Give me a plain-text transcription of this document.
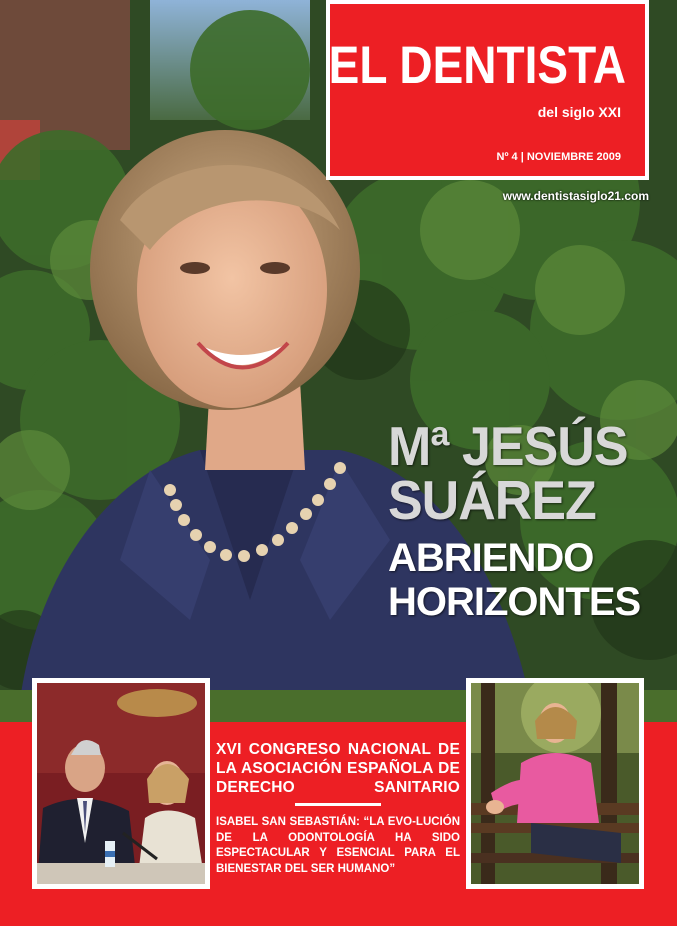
EL DENTISTA
del siglo XXI
Nº 4 | NOVIEMBRE 2009
www.dentistasiglo21.com
Mª JESÚS
SUÁREZ
ABRIENDO
HORIZONTES
XVI CONGRESO NACIONAL DE LA ASOCIACIÓN ESPAÑOLA DE DERECHO SANITARIO
ISABEL SAN SEBASTIÁN: “LA EVO-LUCIÓN DE LA ODONTOLOGÍA HA SIDO ESPECTACULAR Y ESENCIAL PARA EL BIENESTAR DEL SER HUMANO”
